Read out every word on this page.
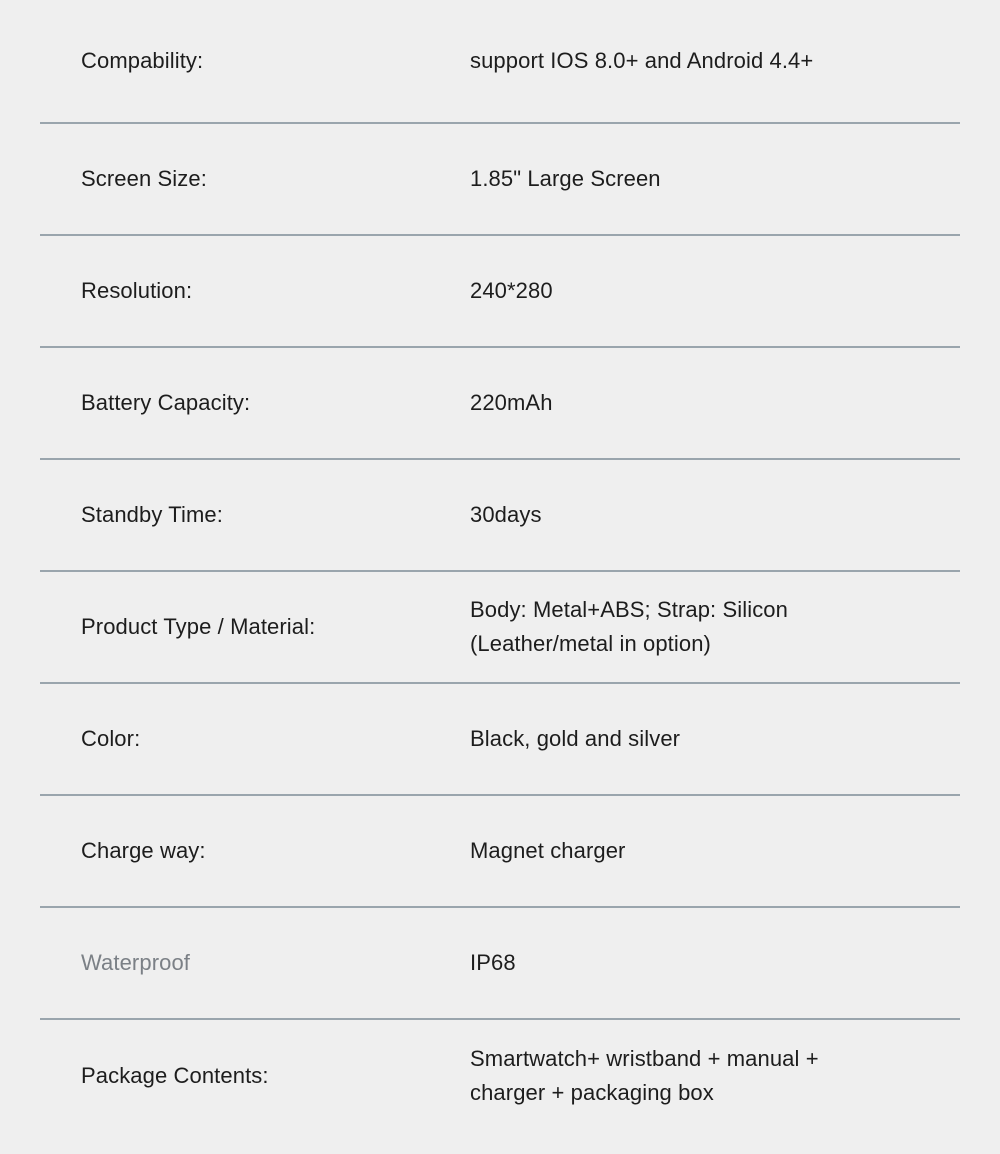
Compability:	support IOS 8.0+ and Android 4.4+
Screen Size:	1.85" Large Screen
Resolution:	240*280
Battery Capacity:	220mAh
Standby Time:	30days
Product Type / Material:
Body: Metal+ABS; Strap: Silicon
(Leather/metal in option)
Color:	Black, gold and silver
Charge way:	Magnet charger
Waterproof	IP68
Package Contents:
Smartwatch+ wristband + manual +
charger + packaging box
